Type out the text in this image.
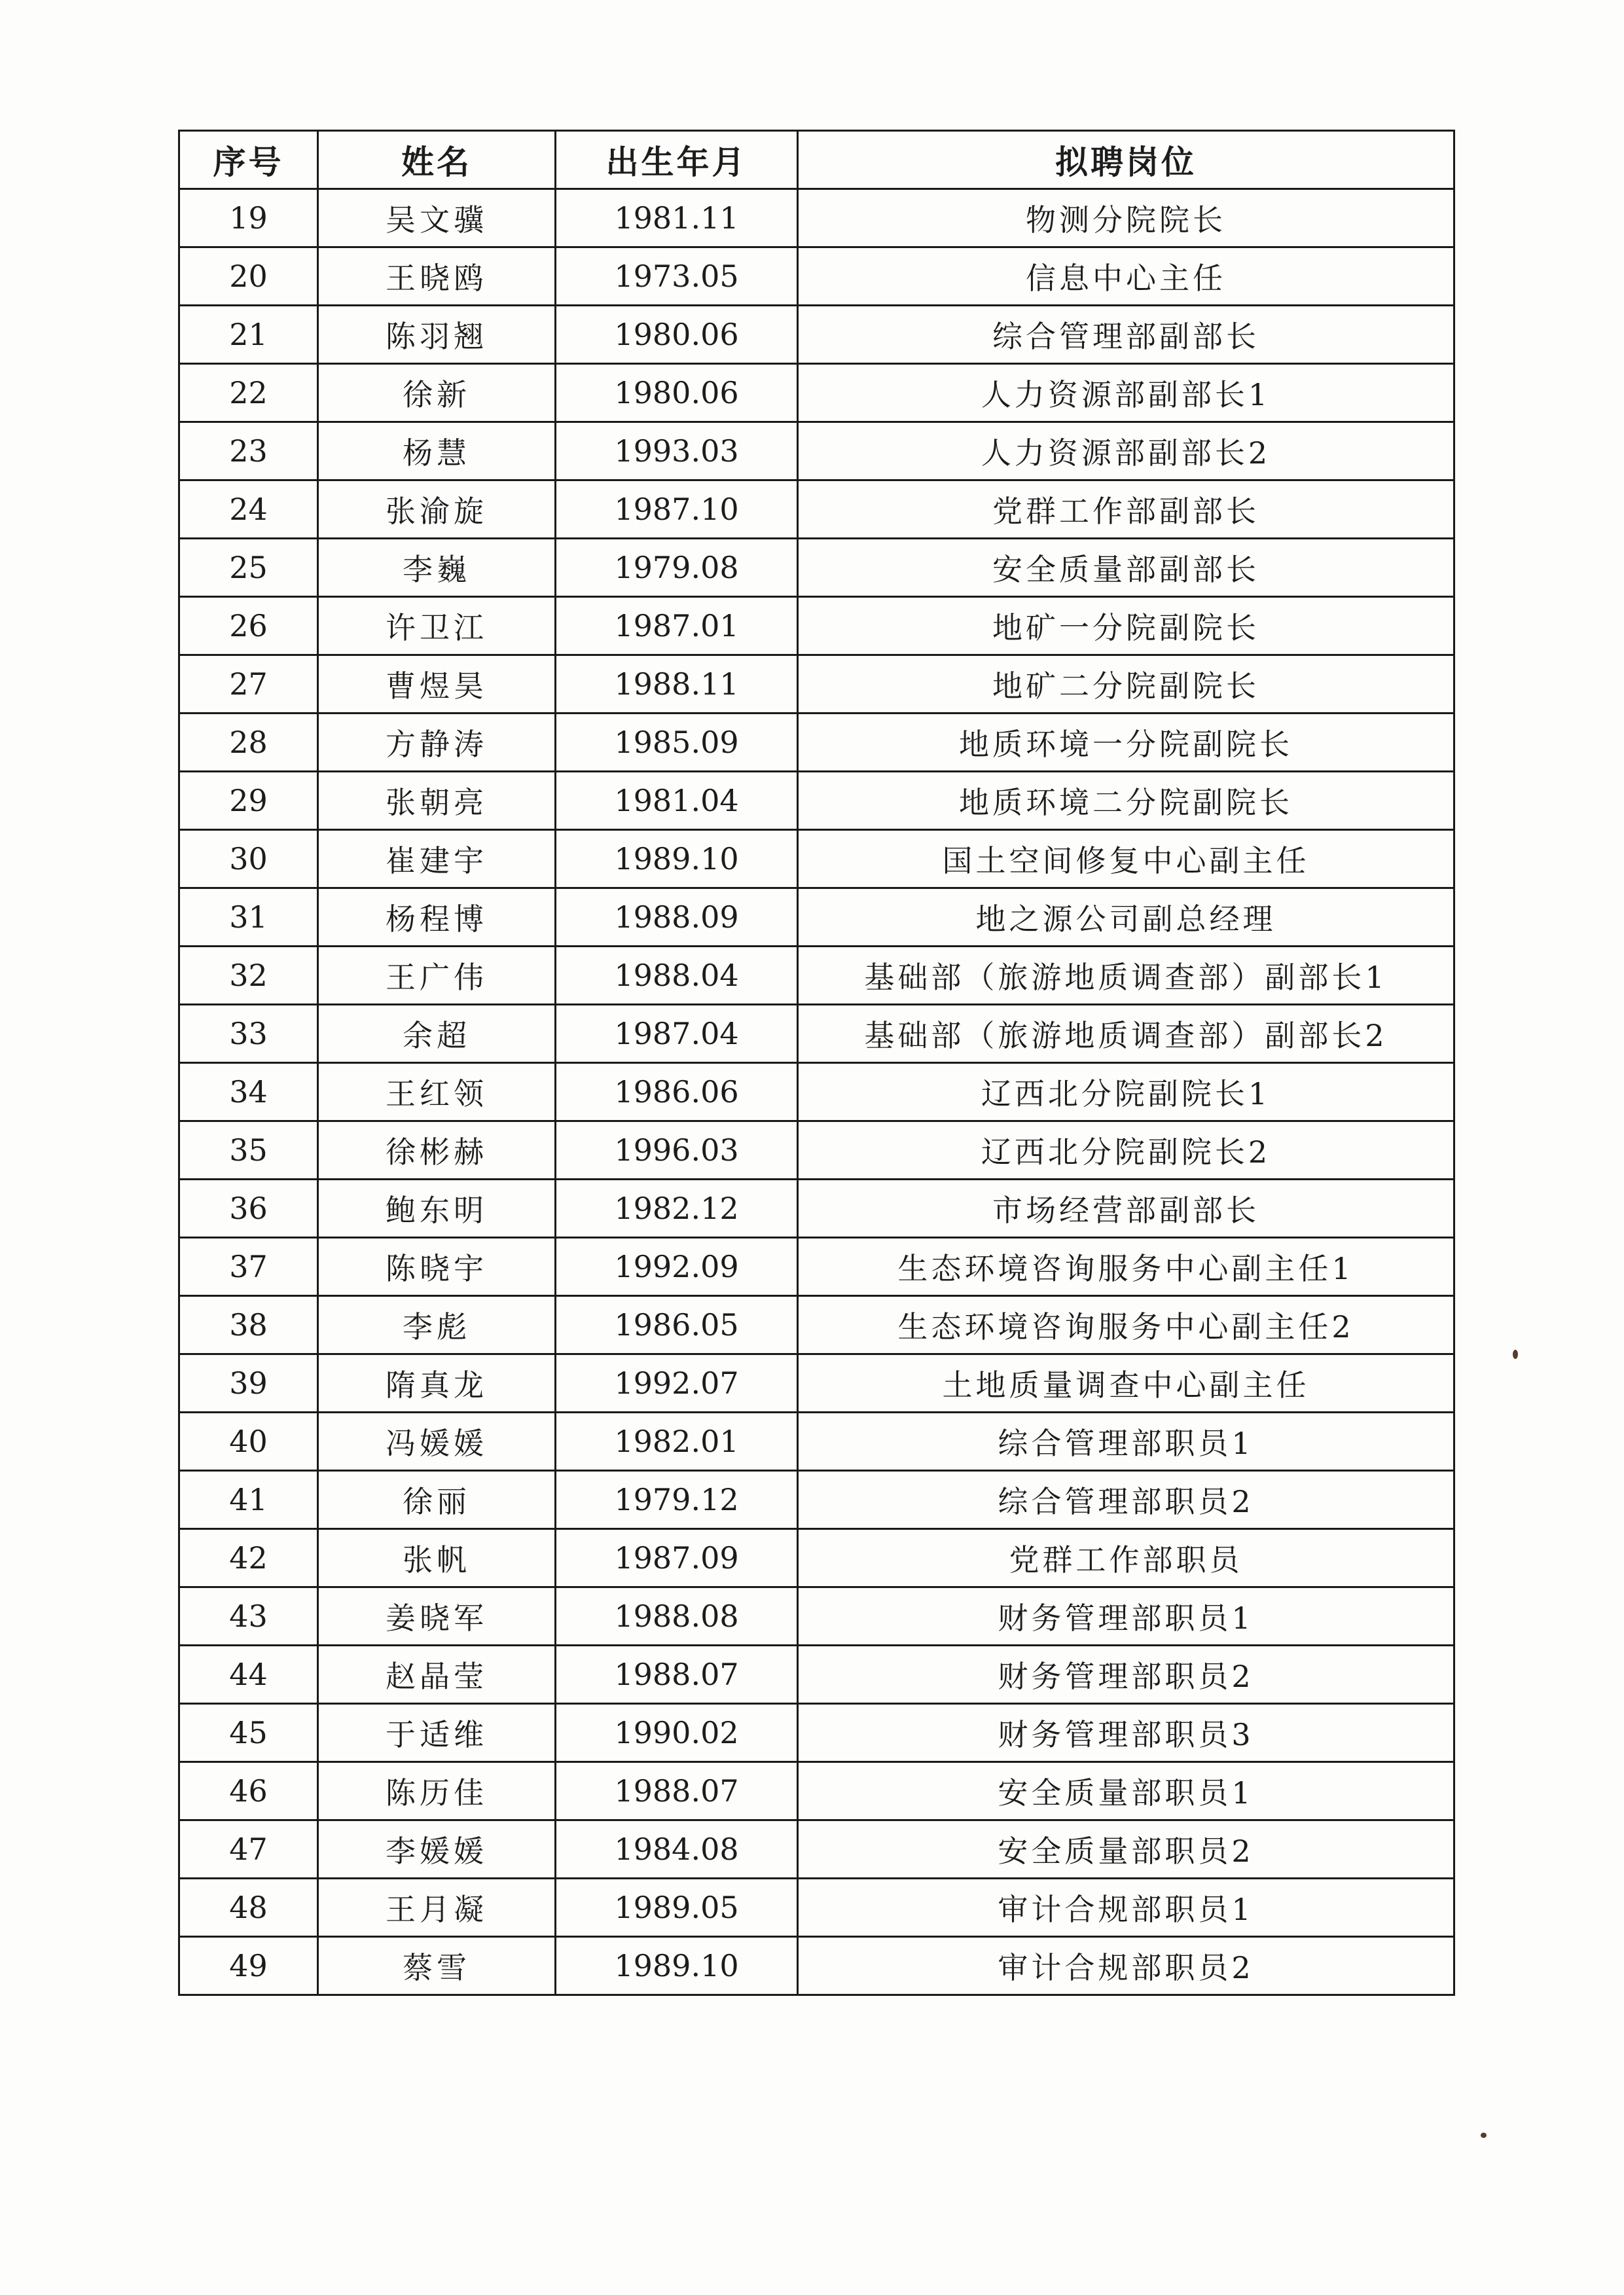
序号	姓名	出生年月	拟聘岗位
19	吴文骥	1981.11	物测分院院长
20	王晓鸥	1973.05	信息中心主任
21	陈羽翘	1980.06	综合管理部副部长
22	徐新	1980.06	人力资源部副部长1
23	杨慧	1993.03	人力资源部副部长2
24	张渝旋	1987.10	党群工作部副部长
25	李巍	1979.08	安全质量部副部长
26	许卫江	1987.01	地矿一分院副院长
27	曹煜昊	1988.11	地矿二分院副院长
28	方静涛	1985.09	地质环境一分院副院长
29	张朝亮	1981.04	地质环境二分院副院长
30	崔建宇	1989.10	国土空间修复中心副主任
31	杨程博	1988.09	地之源公司副总经理
32	王广伟	1988.04	基础部（旅游地质调查部）副部长1
33	余超	1987.04	基础部（旅游地质调查部）副部长2
34	王红领	1986.06	辽西北分院副院长1
35	徐彬赫	1996.03	辽西北分院副院长2
36	鲍东明	1982.12	市场经营部副部长
37	陈晓宇	1992.09	生态环境咨询服务中心副主任1
38	李彪	1986.05	生态环境咨询服务中心副主任2
39	隋真龙	1992.07	土地质量调查中心副主任
40	冯媛媛	1982.01	综合管理部职员1
41	徐丽	1979.12	综合管理部职员2
42	张帆	1987.09	党群工作部职员
43	姜晓军	1988.08	财务管理部职员1
44	赵晶莹	1988.07	财务管理部职员2
45	于适维	1990.02	财务管理部职员3
46	陈历佳	1988.07	安全质量部职员1
47	李媛媛	1984.08	安全质量部职员2
48	王月凝	1989.05	审计合规部职员1
49	蔡雪	1989.10	审计合规部职员2
